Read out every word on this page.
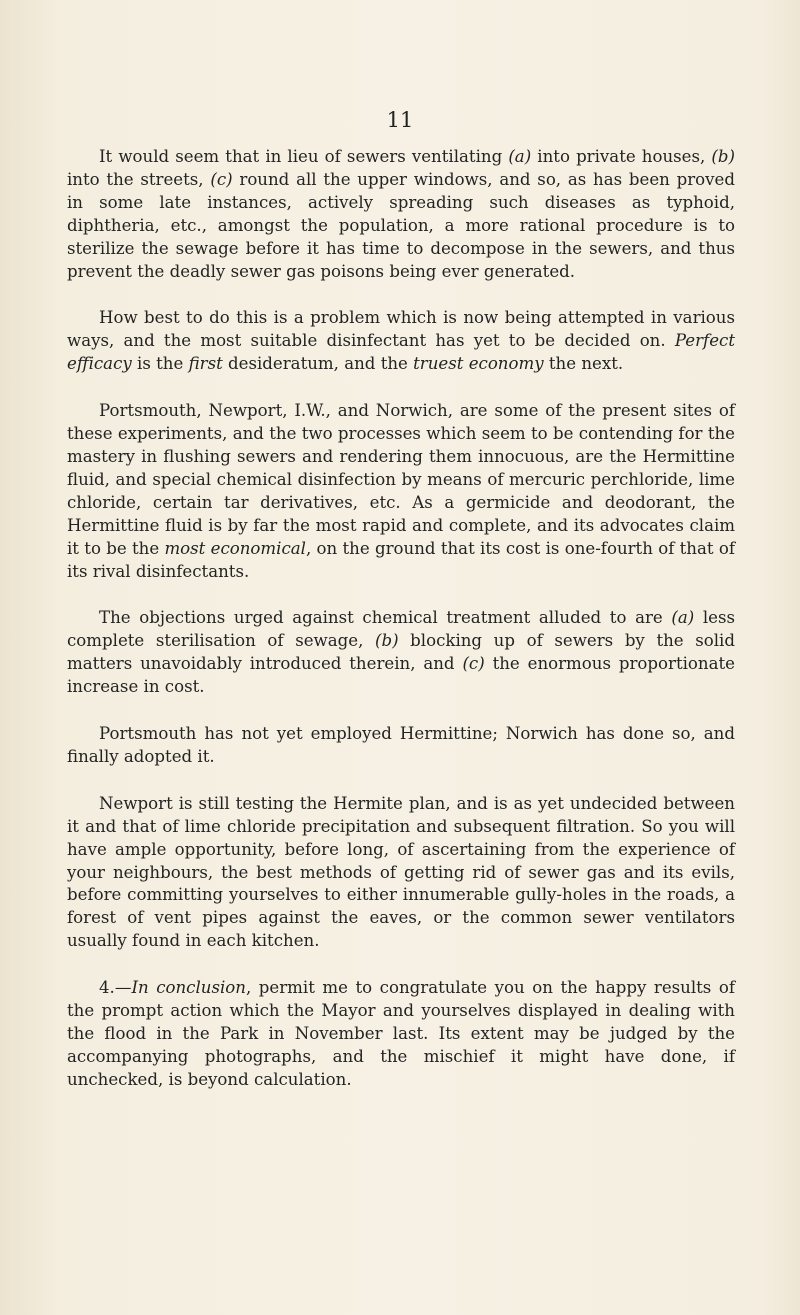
11

It would seem that in lieu of sewers ventilating (a) into private houses, (b) into the streets, (c) round all the upper windows, and so, as has been proved in some late instances, actively spreading such diseases as typhoid, diphtheria, etc., amongst the population, a more rational procedure is to sterilize the sewage before it has time to decompose in the sewers, and thus prevent the deadly sewer gas poisons being ever generated.

How best to do this is a problem which is now being attempted in various ways, and the most suitable disinfectant has yet to be decided on. Perfect efficacy is the first desideratum, and the truest economy the next.

Portsmouth, Newport, I.W., and Norwich, are some of the present sites of these experiments, and the two processes which seem to be contending for the mastery in flushing sewers and rendering them innocuous, are the Hermittine fluid, and special chemical disinfection by means of mercuric perchloride, lime chloride, certain tar derivatives, etc. As a germicide and deodorant, the Hermittine fluid is by far the most rapid and complete, and its advocates claim it to be the most economical, on the ground that its cost is one-fourth of that of its rival disinfectants.

The objections urged against chemical treatment alluded to are (a) less complete sterilisation of sewage, (b) blocking up of sewers by the solid matters unavoidably introduced therein, and (c) the enormous proportionate increase in cost.

Portsmouth has not yet employed Hermittine; Norwich has done so, and finally adopted it.

Newport is still testing the Hermite plan, and is as yet undecided between it and that of lime chloride precipitation and subsequent filtration. So you will have ample opportunity, before long, of ascertaining from the experience of your neighbours, the best methods of getting rid of sewer gas and its evils, before committing yourselves to either innumerable gully-holes in the roads, a forest of vent pipes against the eaves, or the common sewer ventilators usually found in each kitchen.

4.—In conclusion, permit me to congratulate you on the happy results of the prompt action which the Mayor and yourselves displayed in dealing with the flood in the Park in November last. Its extent may be judged by the accompanying photographs, and the mischief it might have done, if unchecked, is beyond calculation.
